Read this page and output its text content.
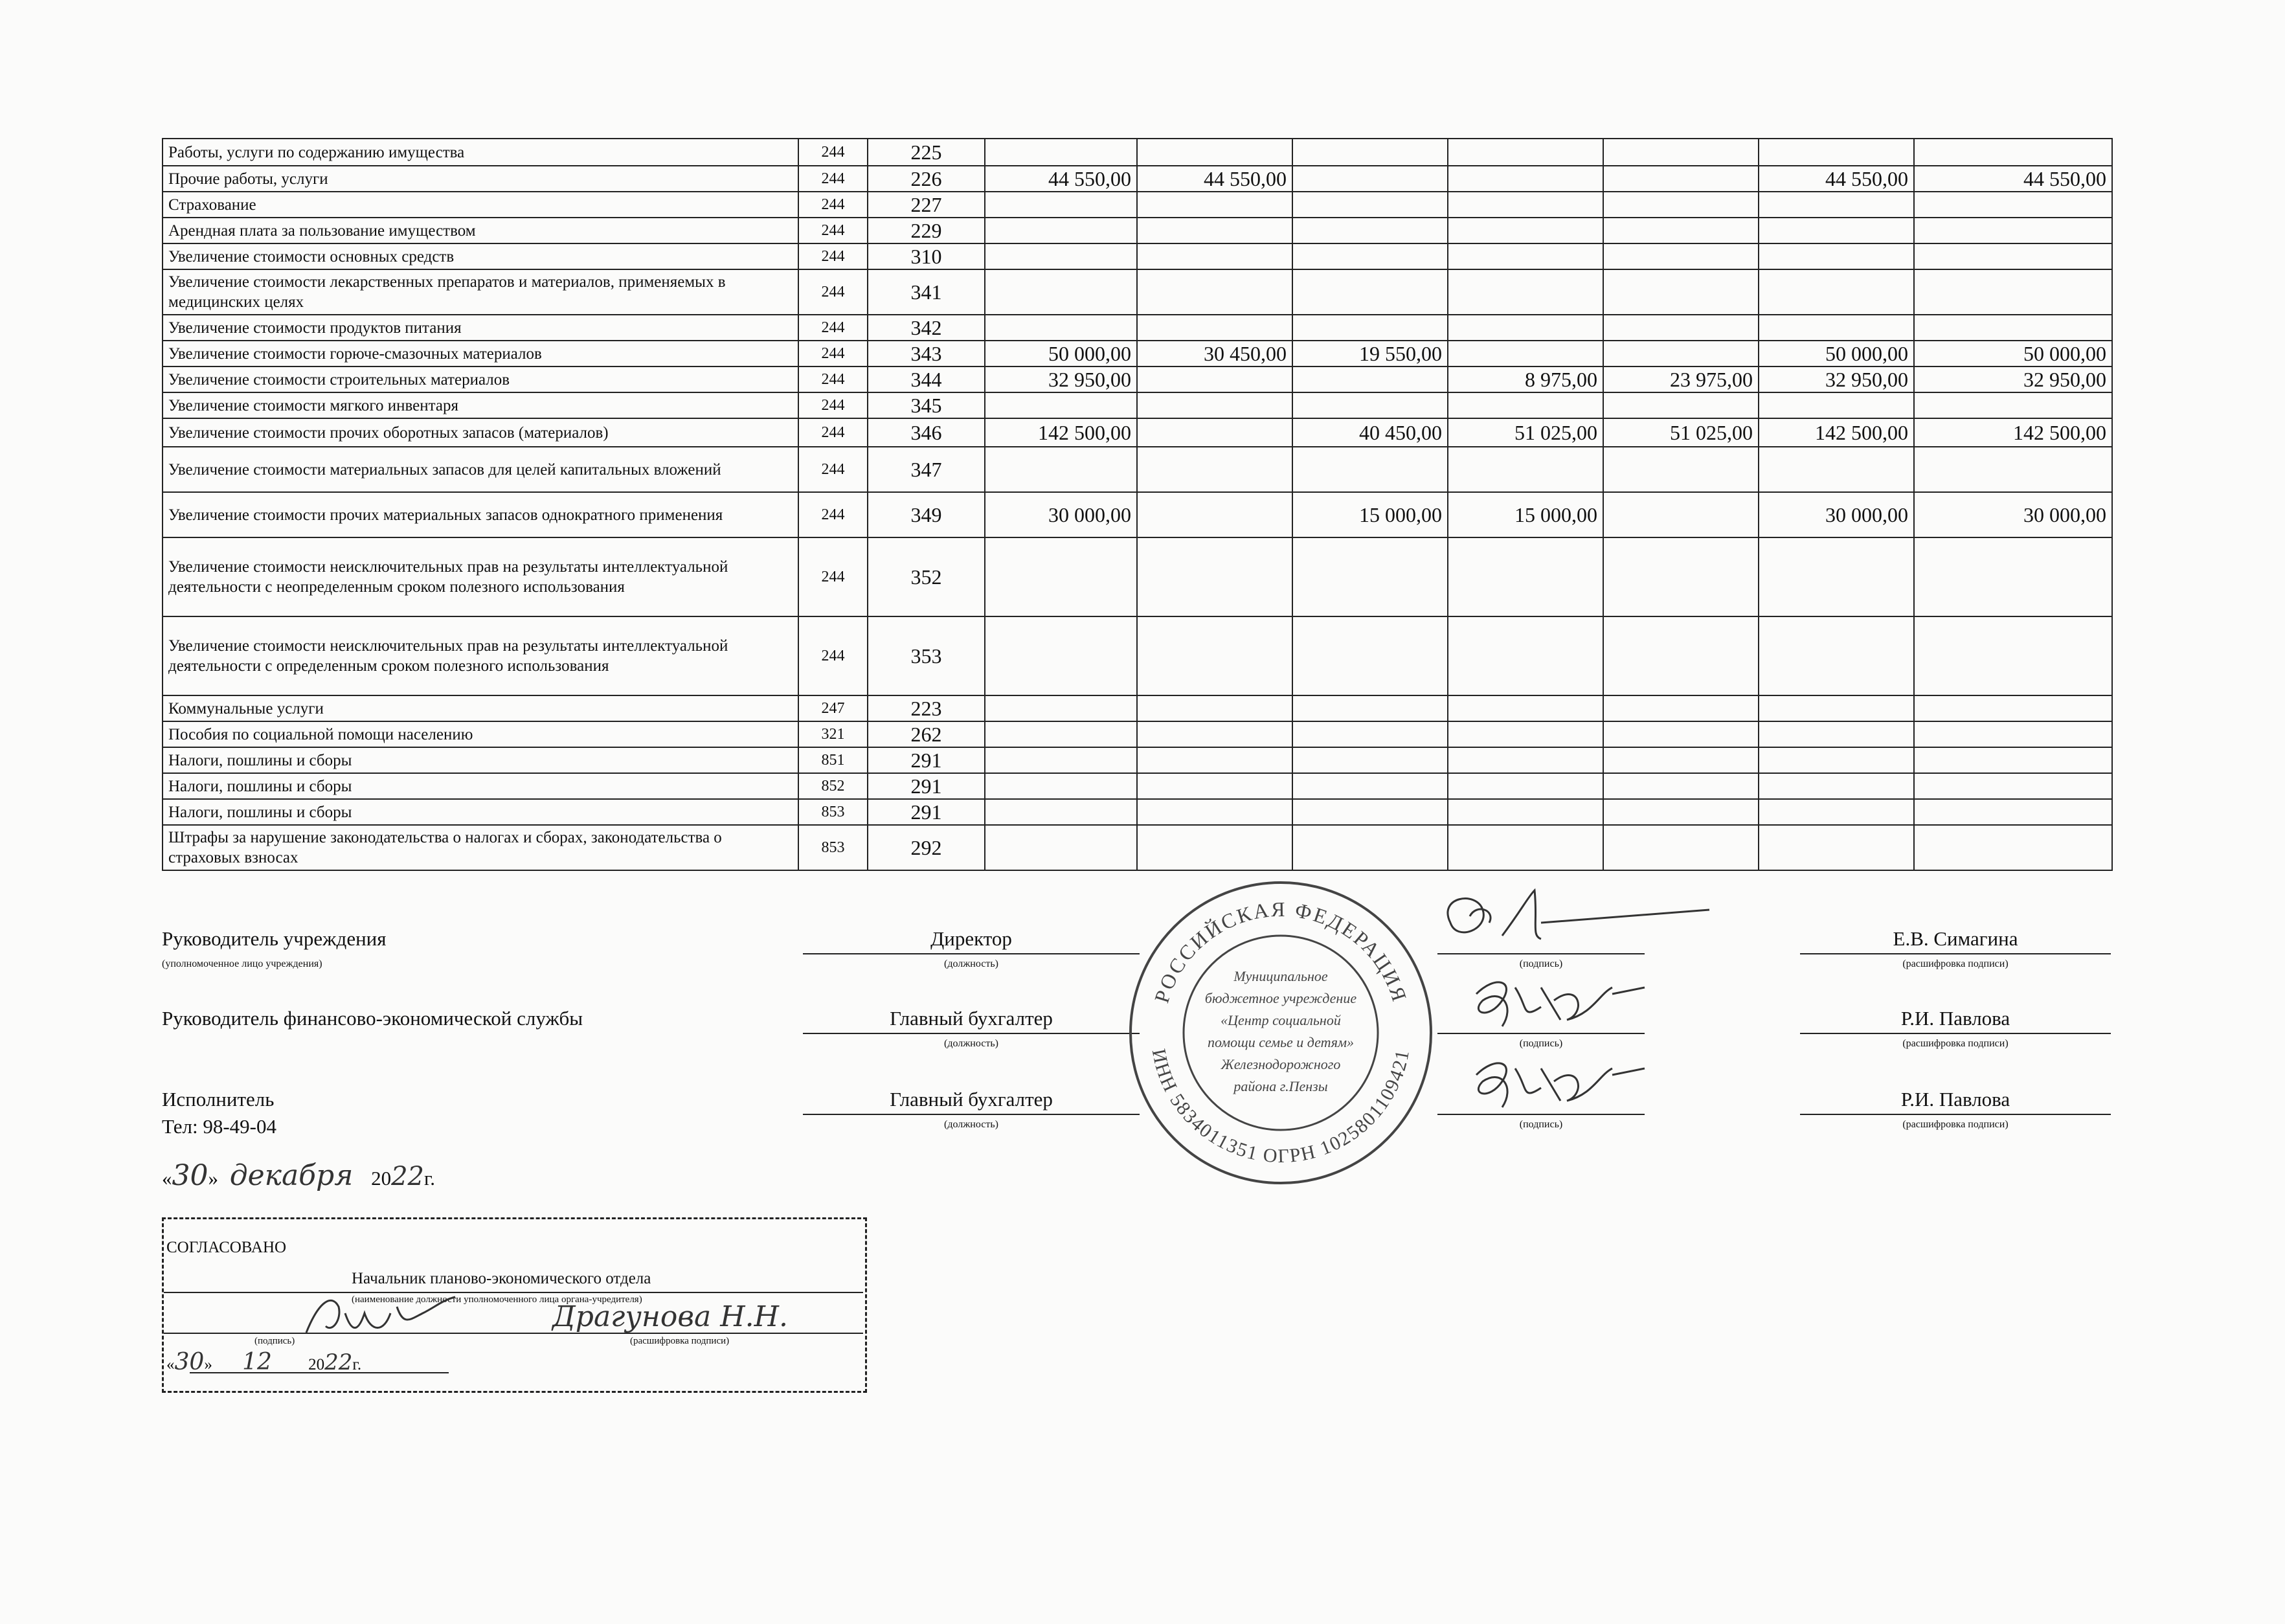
Работы, услуги по содержанию имущества	244	225							
Прочие работы, услуги	244	226	44 550,00	44 550,00				44 550,00	44 550,00
Страхование	244	227							
Арендная плата за пользование имуществом	244	229							
Увеличение стоимости основных средств	244	310							
Увеличение стоимости лекарственных препаратов и материалов, применяемых в медицинских целях	244	341							
Увеличение стоимости продуктов питания	244	342							
Увеличение стоимости горюче-смазочных материалов	244	343	50 000,00	30 450,00	19 550,00			50 000,00	50 000,00
Увеличение стоимости строительных материалов	244	344	32 950,00			8 975,00	23 975,00	32 950,00	32 950,00
Увеличение стоимости мягкого инвентаря	244	345							
Увеличение стоимости прочих оборотных запасов (материалов)	244	346	142 500,00		40 450,00	51 025,00	51 025,00	142 500,00	142 500,00
Увеличение стоимости материальных запасов для целей капитальных вложений	244	347							
Увеличение стоимости прочих материальных запасов однократного применения	244	349	30 000,00		15 000,00	15 000,00		30 000,00	30 000,00
Увеличение стоимости неисключительных прав на результаты интеллектуальной деятельности с неопределенным сроком полезного использования	244	352							
Увеличение стоимости неисключительных прав на результаты интеллектуальной деятельности с определенным сроком полезного использования	244	353							
Коммунальные услуги	247	223							
Пособия по социальной помощи населению	321	262							
Налоги, пошлины и сборы	851	291							
Налоги, пошлины и сборы	852	291							
Налоги, пошлины и сборы	853	291							
Штрафы за нарушение законодательства о налогах и сборах, законодательства о страховых взносах	853	292							
Руководитель учреждения
(уполномоченное лицо учреждения)
Директор
(должность)	(подпись)
Е.В. Симагина
(расшифровка подписи)
Руководитель финансово-экономической службы	Главный бухгалтер
(должность)	(подпись)
Р.И. Павлова
(расшифровка подписи)
Исполнитель
Тел: 98-49-04
Главный бухгалтер
(должность)	(подпись)
Р.И. Павлова
(расшифровка подписи)
РОССИЙСКАЯ ФЕДЕРАЦИЯ
ИНН 5834011351 ОГРН 1025801109421
Муниципальное
бюджетное учреждение
«Центр социальной
помощи семье и детям»
Железнодорожного
района г.Пензы
«30» декабря 2022г.
СОГЛАСОВАНО
Начальник планово-экономического отдела
(наименование должности уполномоченного лица органа-учредителя)
(подпись)	(расшифровка подписи)
Драгунова Н.Н.
«30» 12 2022г.
